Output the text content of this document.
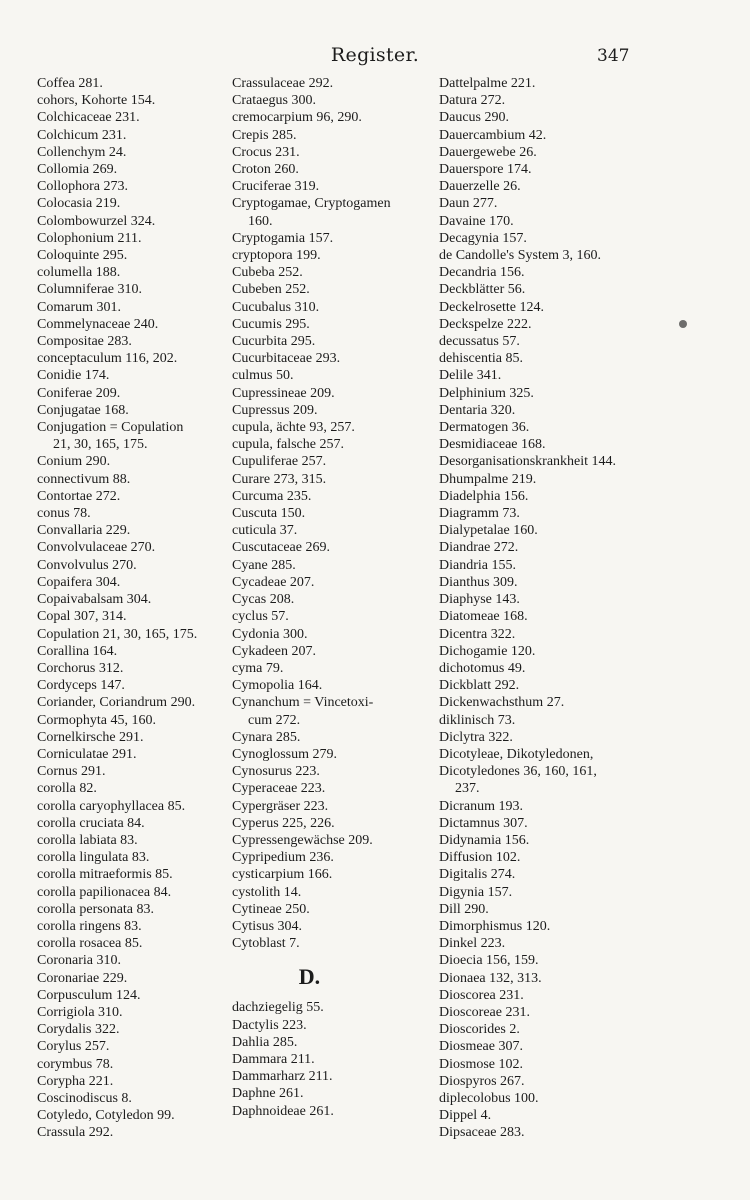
Register.	347
Coffea 281.
cohors, Kohorte 154.
Colchicaceae 231.
Colchicum 231.
Collenchym 24.
Collomia 269.
Collophora 273.
Colocasia 219.
Colombowurzel 324.
Colophonium 211.
Coloquinte 295.
columella 188.
Columniferae 310.
Comarum 301.
Commelynaceae 240.
Compositae 283.
conceptaculum 116, 202.
Conidie 174.
Coniferae 209.
Conjugatae 168.
Conjugation = Copulation
21, 30, 165, 175.
Conium 290.
connectivum 88.
Contortae 272.
conus 78.
Convallaria 229.
Convolvulaceae 270.
Convolvulus 270.
Copaifera 304.
Copaivabalsam 304.
Copal 307, 314.
Copulation 21, 30, 165, 175.
Corallina 164.
Corchorus 312.
Cordyceps 147.
Coriander, Coriandrum 290.
Cormophyta 45, 160.
Cornelkirsche 291.
Corniculatae 291.
Cornus 291.
corolla 82.
corolla caryophyllacea 85.
corolla cruciata 84.
corolla labiata 83.
corolla lingulata 83.
corolla mitraeformis 85.
corolla papilionacea 84.
corolla personata 83.
corolla ringens 83.
corolla rosacea 85.
Coronaria 310.
Coronariae 229.
Corpusculum 124.
Corrigiola 310.
Corydalis 322.
Corylus 257.
corymbus 78.
Corypha 221.
Coscinodiscus 8.
Cotyledo, Cotyledon 99.
Crassula 292.
Crassulaceae 292.
Crataegus 300.
cremocarpium 96, 290.
Crepis 285.
Crocus 231.
Croton 260.
Cruciferae 319.
Cryptogamae, Cryptogamen
160.
Cryptogamia 157.
cryptopora 199.
Cubeba 252.
Cubeben 252.
Cucubalus 310.
Cucumis 295.
Cucurbita 295.
Cucurbitaceae 293.
culmus 50.
Cupressineae 209.
Cupressus 209.
cupula, ächte 93, 257.
cupula, falsche 257.
Cupuliferae 257.
Curare 273, 315.
Curcuma 235.
Cuscuta 150.
cuticula 37.
Cuscutaceae 269.
Cyane 285.
Cycadeae 207.
Cycas 208.
cyclus 57.
Cydonia 300.
Cykadeen 207.
cyma 79.
Cymopolia 164.
Cynanchum = Vincetoxi-
cum 272.
Cynara 285.
Cynoglossum 279.
Cynosurus 223.
Cyperaceae 223.
Cypergräser 223.
Cyperus 225, 226.
Cypressengewächse 209.
Cypripedium 236.
cysticarpium 166.
cystolith 14.
Cytineae 250.
Cytisus 304.
Cytoblast 7.
D.
dachziegelig 55.
Dactylis 223.
Dahlia 285.
Dammara 211.
Dammarharz 211.
Daphne 261.
Daphnoideae 261.
Dattelpalme 221.
Datura 272.
Daucus 290.
Dauercambium 42.
Dauergewebe 26.
Dauerspore 174.
Dauerzelle 26.
Daun 277.
Davaine 170.
Decagynia 157.
de Candolle's System 3, 160.
Decandria 156.
Deckblätter 56.
Deckelrosette 124.
Deckspelze 222.
decussatus 57.
dehiscentia 85.
Delile 341.
Delphinium 325.
Dentaria 320.
Dermatogen 36.
Desmidiaceae 168.
Desorganisationskrankheit 144.
Dhumpalme 219.
Diadelphia 156.
Diagramm 73.
Dialypetalae 160.
Diandrae 272.
Diandria 155.
Dianthus 309.
Diaphyse 143.
Diatomeae 168.
Dicentra 322.
Dichogamie 120.
dichotomus 49.
Dickblatt 292.
Dickenwachsthum 27.
diklinisch 73.
Diclytra 322.
Dicotyleae, Dikotyledonen,
Dicotyledones 36, 160, 161,
237.
Dicranum 193.
Dictamnus 307.
Didynamia 156.
Diffusion 102.
Digitalis 274.
Digynia 157.
Dill 290.
Dimorphismus 120.
Dinkel 223.
Dioecia 156, 159.
Dionaea 132, 313.
Dioscorea 231.
Dioscoreae 231.
Dioscorides 2.
Diosmeae 307.
Diosmose 102.
Diospyros 267.
diplecolobus 100.
Dippel 4.
Dipsaceae 283.
